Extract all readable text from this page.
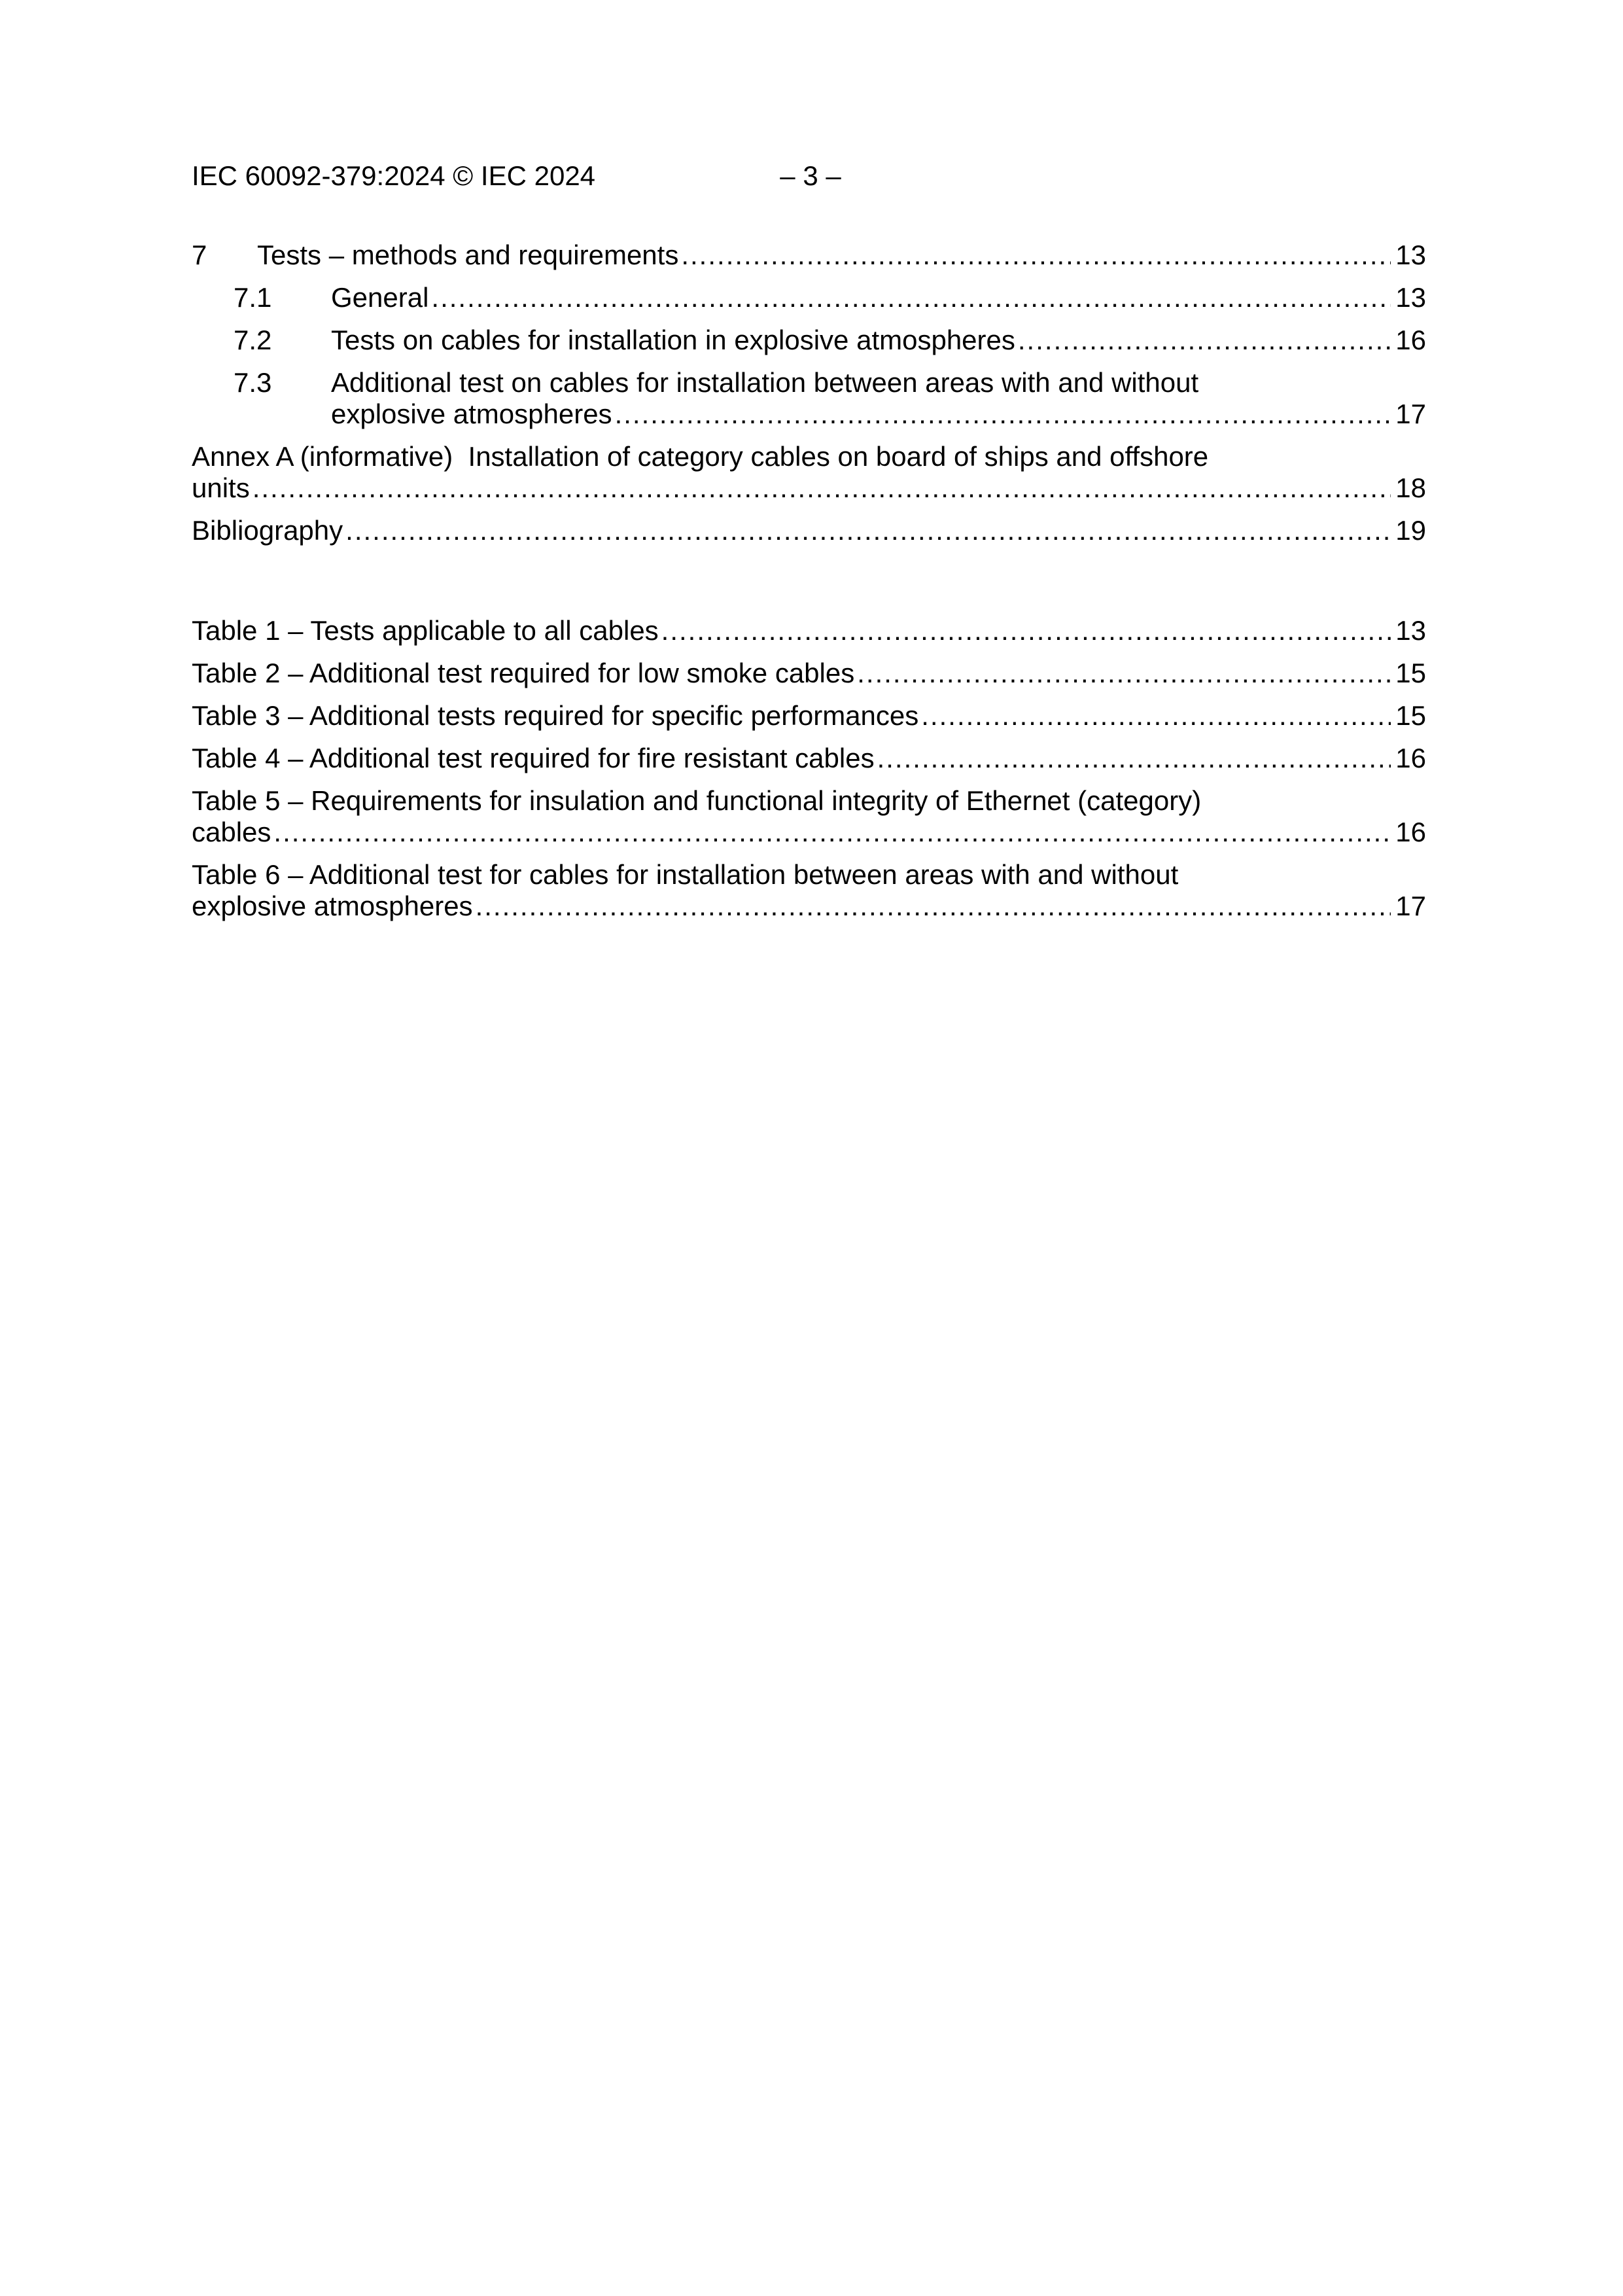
IEC 60092-379:2024 © IEC 2024	– 3 –
7	Tests – methods and requirements .....	13
7.1	General .....	13
7.2	Tests on cables for installation in explosive atmospheres .....	16
7.3	Additional test on cables for installation between areas with and without
explosive atmospheres .....	17
Annex A (informative)  Installation of category cables on board of ships and offshore
units .....	18
Bibliography .....	19
Table 1 – Tests applicable to all cables .....	13
Table 2 – Additional test required for low smoke cables .....	15
Table 3 – Additional tests required for specific performances .....	15
Table 4 – Additional test required for fire resistant cables .....	16
Table 5 – Requirements for insulation and functional integrity of Ethernet (category)
cables .....	16
Table 6 – Additional test for cables for installation between areas with and without
explosive atmospheres .....	17
